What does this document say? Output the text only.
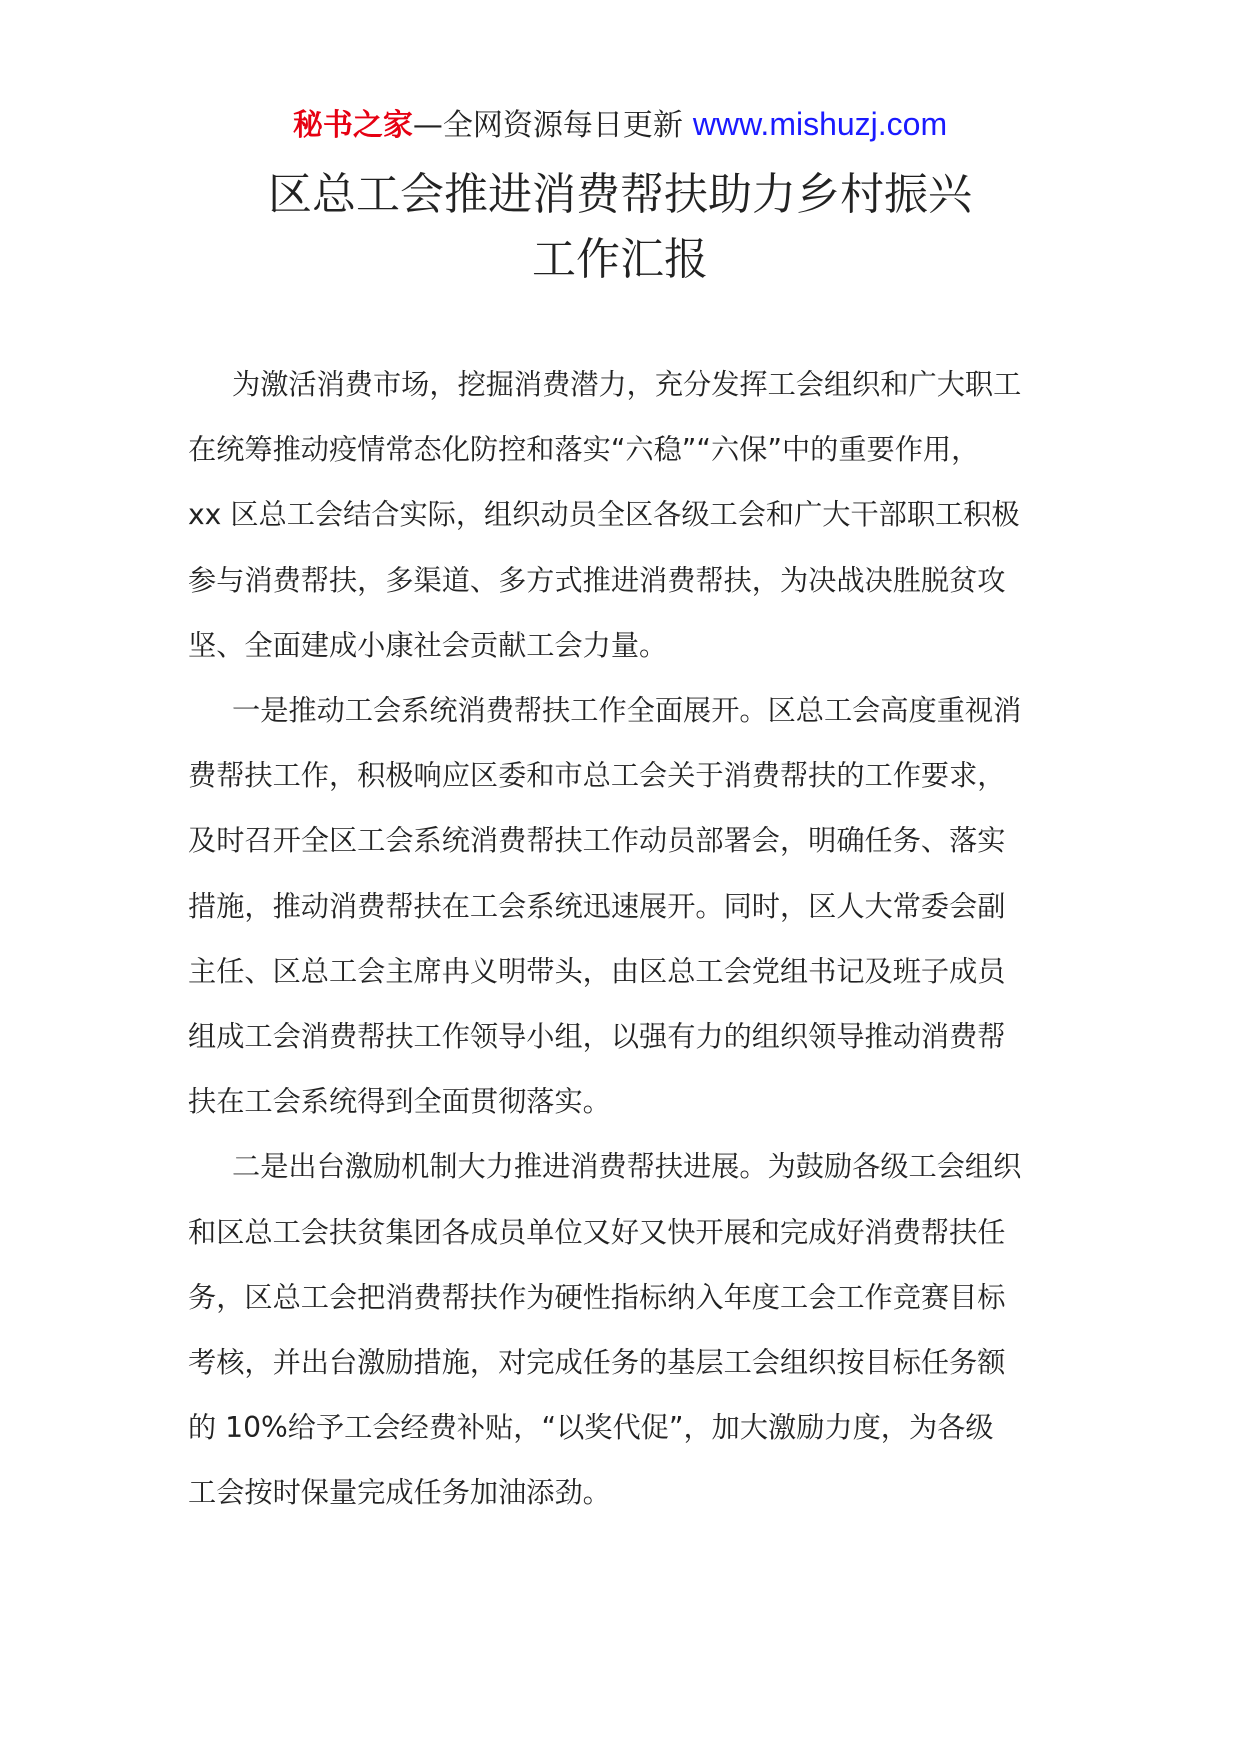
秘书之家—全网资源每日更新 www.mishuzj.com
区总工会推进消费帮扶助力乡村振兴
工作汇报

为激活消费市场，挖掘消费潜力，充分发挥工会组织和广大职工
在统筹推动疫情常态化防控和落实“六稳”“六保”中的重要作用，
xx 区总工会结合实际，组织动员全区各级工会和广大干部职工积极
参与消费帮扶，多渠道、多方式推进消费帮扶，为决战决胜脱贫攻
坚、全面建成小康社会贡献工会力量。

一是推动工会系统消费帮扶工作全面展开。区总工会高度重视消
费帮扶工作，积极响应区委和市总工会关于消费帮扶的工作要求，
及时召开全区工会系统消费帮扶工作动员部署会，明确任务、落实
措施，推动消费帮扶在工会系统迅速展开。同时，区人大常委会副
主任、区总工会主席冉义明带头，由区总工会党组书记及班子成员
组成工会消费帮扶工作领导小组，以强有力的组织领导推动消费帮
扶在工会系统得到全面贯彻落实。

二是出台激励机制大力推进消费帮扶进展。为鼓励各级工会组织
和区总工会扶贫集团各成员单位又好又快开展和完成好消费帮扶任
务，区总工会把消费帮扶作为硬性指标纳入年度工会工作竞赛目标
考核，并出台激励措施，对完成任务的基层工会组织按目标任务额
的 10%给予工会经费补贴，“以奖代促”，加大激励力度，为各级
工会按时保量完成任务加油添劲。
